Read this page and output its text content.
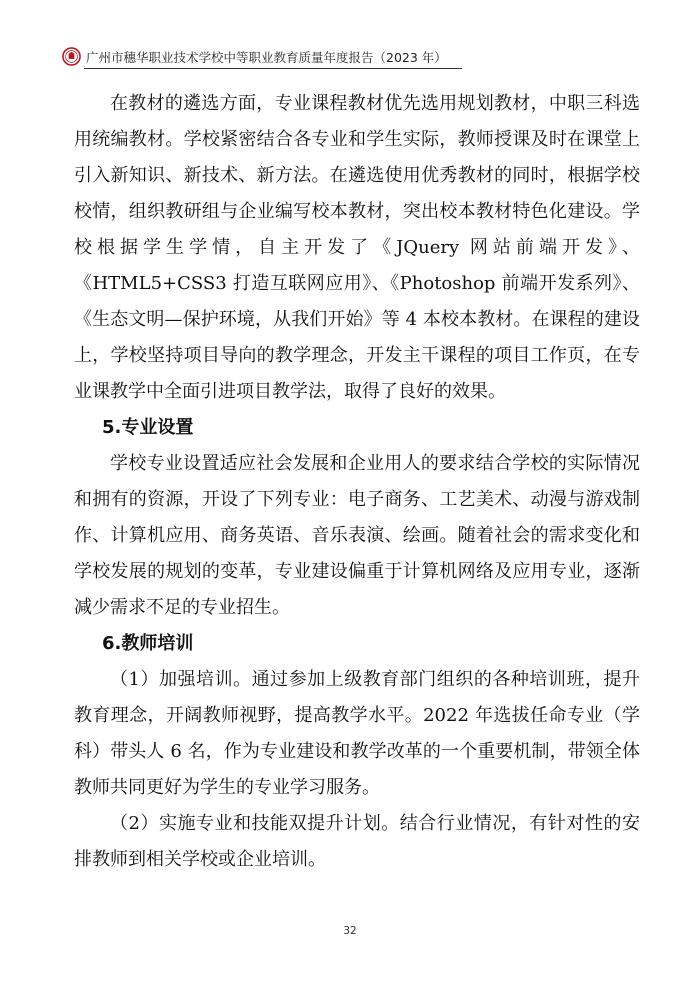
广州市穗华职业技术学校中等职业教育质量年度报告（2023 年）

在教材的遴选方面，专业课程教材优先选用规划教材，中职三科选用统编教材。学校紧密结合各专业和学生实际，教师授课及时在课堂上引入新知识、新技术、新方法。在遴选使用优秀教材的同时，根据学校校情，组织教研组与企业编写校本教材，突出校本教材特色化建设。学校根据学生学情，自主开发了《JQuery 网站前端开发》、《HTML5+CSS3 打造互联网应用》、《Photoshop 前端开发系列》、《生态文明—保护环境，从我们开始》等 4 本校本教材。在课程的建设上，学校坚持项目导向的教学理念，开发主干课程的项目工作页，在专业课教学中全面引进项目教学法，取得了良好的效果。

5.专业设置

学校专业设置适应社会发展和企业用人的要求结合学校的实际情况和拥有的资源，开设了下列专业：电子商务、工艺美术、动漫与游戏制作、计算机应用、商务英语、音乐表演、绘画。随着社会的需求变化和学校发展的规划的变革，专业建设偏重于计算机网络及应用专业，逐渐减少需求不足的专业招生。

6.教师培训

（1）加强培训。通过参加上级教育部门组织的各种培训班，提升教育理念，开阔教师视野，提高教学水平。2022 年选拔任命专业（学科）带头人 6 名，作为专业建设和教学改革的一个重要机制，带领全体教师共同更好为学生的专业学习服务。

（2）实施专业和技能双提升计划。结合行业情况，有针对性的安排教师到相关学校或企业培训。

32
